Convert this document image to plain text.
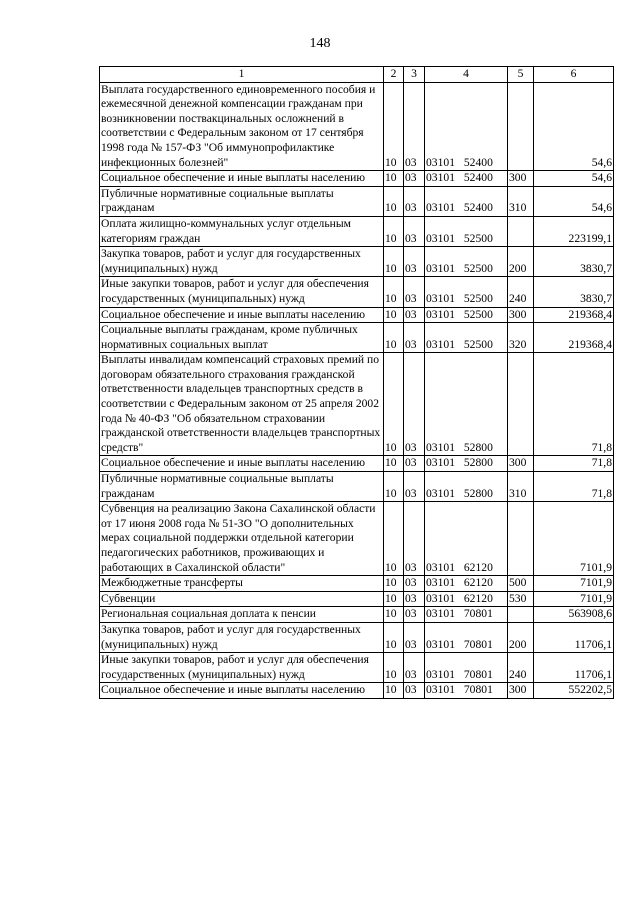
148
1	2	3	4	5	6
Выплата государственного единовременного пособия и ежемесячной денежной компенсации гражданам при возникновении поствакцинальных осложнений в соответствии с Федеральным законом от 17 сентября 1998 года № 157-ФЗ "Об иммунопрофилактике инфекционных болезней"	10	03	03101 52400		54,6
Социальное обеспечение и иные выплаты населению	10	03	03101 52400	300	54,6
Публичные нормативные социальные выплаты гражданам	10	03	03101 52400	310	54,6
Оплата жилищно-коммунальных услуг отдельным категориям граждан	10	03	03101 52500		223199,1
Закупка товаров, работ и услуг для государственных (муниципальных) нужд	10	03	03101 52500	200	3830,7
Иные закупки товаров, работ и услуг для обеспечения государственных (муниципальных) нужд	10	03	03101 52500	240	3830,7
Социальное обеспечение и иные выплаты населению	10	03	03101 52500	300	219368,4
Социальные выплаты гражданам, кроме публичных нормативных социальных выплат	10	03	03101 52500	320	219368,4
Выплаты инвалидам компенсаций страховых премий по договорам обязательного страхования гражданской ответственности владельцев транспортных средств в соответствии с Федеральным законом от 25 апреля 2002 года № 40-ФЗ "Об обязательном страховании гражданской ответственности владельцев транспортных средств"	10	03	03101 52800		71,8
Социальное обеспечение и иные выплаты населению	10	03	03101 52800	300	71,8
Публичные нормативные социальные выплаты гражданам	10	03	03101 52800	310	71,8
Субвенция на реализацию Закона Сахалинской области от 17 июня 2008 года № 51-ЗО "О дополнительных мерах социальной поддержки отдельной категории педагогических работников, проживающих и работающих в Сахалинской области"	10	03	03101 62120		7101,9
Межбюджетные трансферты	10	03	03101 62120	500	7101,9
Субвенции	10	03	03101 62120	530	7101,9
Региональная социальная доплата к пенсии	10	03	03101 70801		563908,6
Закупка товаров, работ и услуг для государственных (муниципальных) нужд	10	03	03101 70801	200	11706,1
Иные закупки товаров, работ и услуг для обеспечения государственных (муниципальных) нужд	10	03	03101 70801	240	11706,1
Социальное обеспечение и иные выплаты населению	10	03	03101 70801	300	552202,5
